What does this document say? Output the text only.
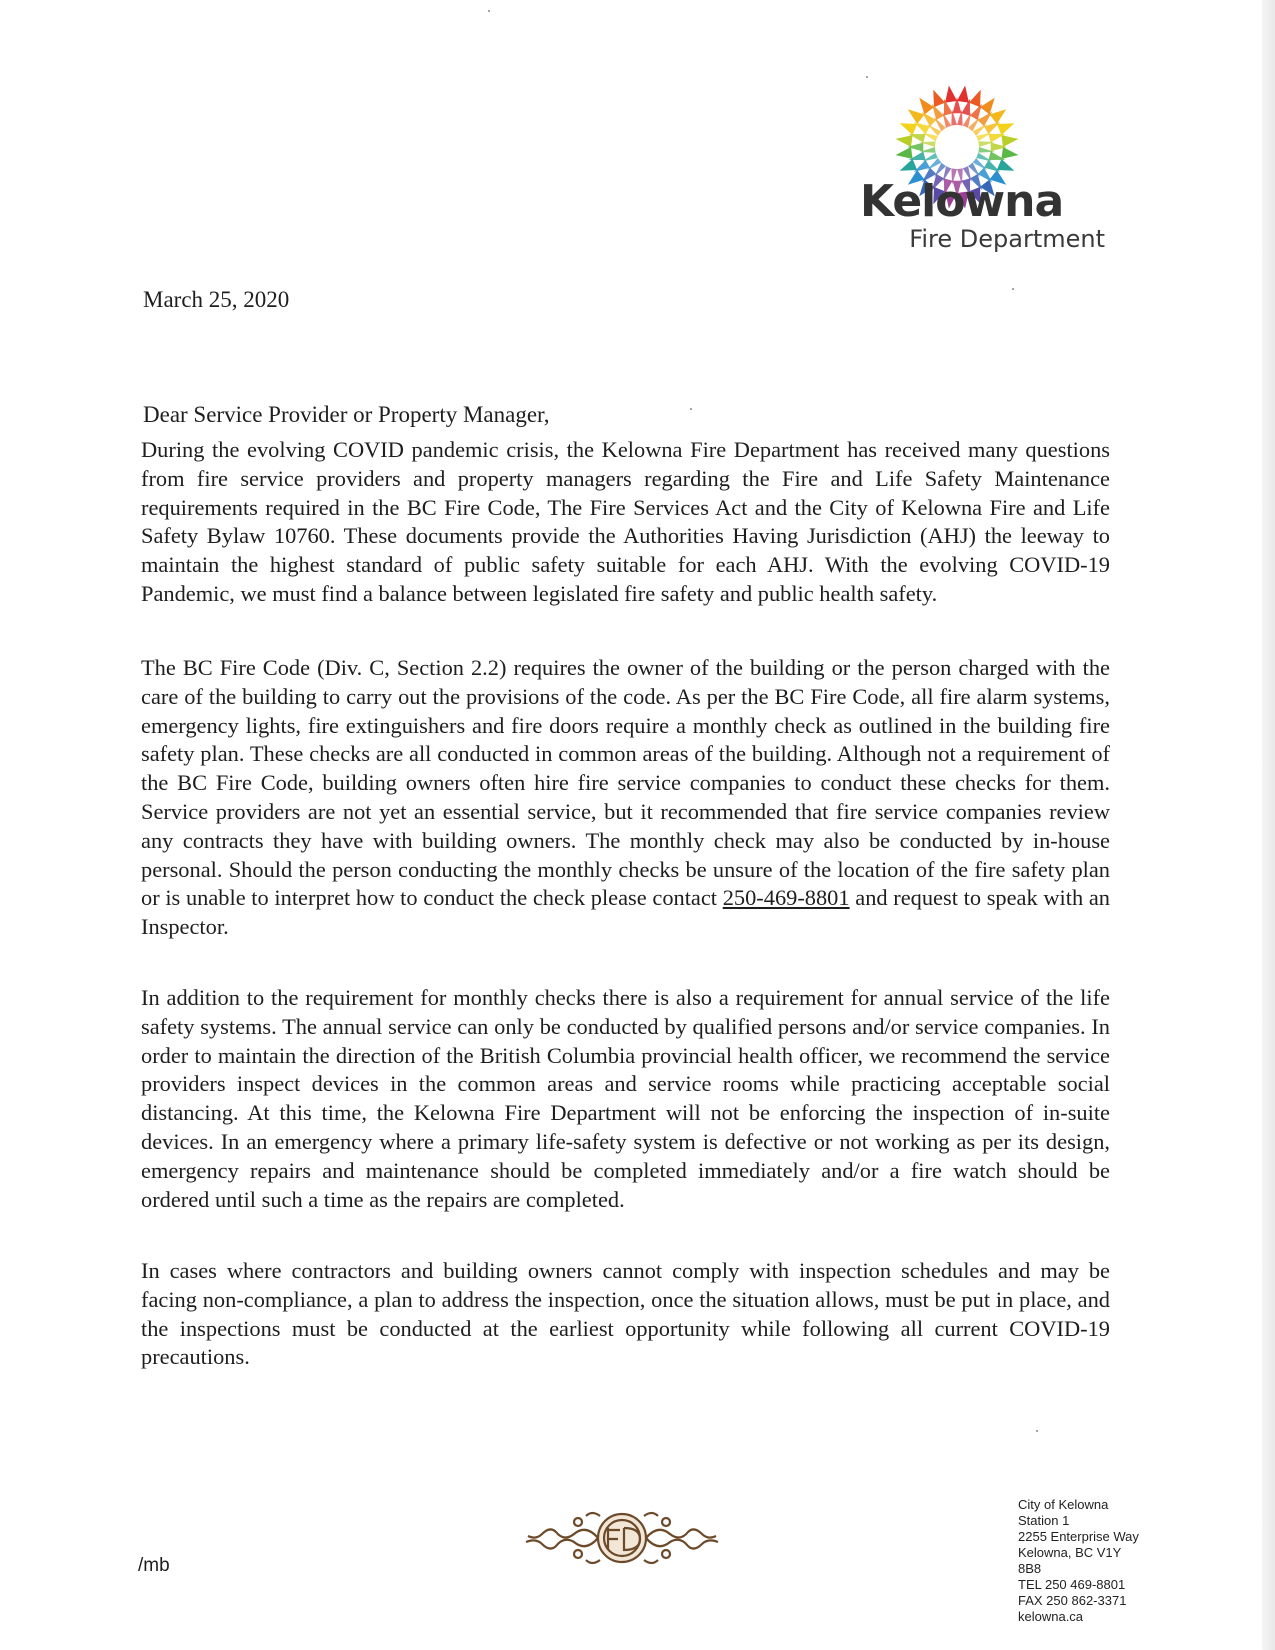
Kelowna
Fire Department
March 25, 2020
Dear Service Provider or Property Manager,

During the evolving COVID pandemic crisis, the Kelowna Fire Department has received many questions from fire service providers and property managers regarding the Fire and Life Safety Maintenance requirements required in the BC Fire Code, The Fire Services Act and the City of Kelowna Fire and Life Safety Bylaw 10760. These documents provide the Authorities Having Jurisdiction (AHJ) the leeway to maintain the highest standard of public safety suitable for each AHJ. With the evolving COVID-19 Pandemic, we must find a balance between legislated fire safety and public health safety.

The BC Fire Code (Div. C, Section 2.2) requires the owner of the building or the person charged with the care of the building to carry out the provisions of the code. As per the BC Fire Code, all fire alarm systems, emergency lights, fire extinguishers and fire doors require a monthly check as outlined in the building fire safety plan. These checks are all conducted in common areas of the building. Although not a requirement of the BC Fire Code, building owners often hire fire service companies to conduct these checks for them. Service providers are not yet an essential service, but it recommended that fire service companies review any contracts they have with building owners. The monthly check may also be conducted by in-house personal. Should the person conducting the monthly checks be unsure of the location of the fire safety plan or is unable to interpret how to conduct the check please contact 250-469-8801 and request to speak with an Inspector.

In addition to the requirement for monthly checks there is also a requirement for annual service of the life safety systems. The annual service can only be conducted by qualified persons and/or service companies. In order to maintain the direction of the British Columbia provincial health officer, we recommend the service providers inspect devices in the common areas and service rooms while practicing acceptable social distancing. At this time, the Kelowna Fire Department will not be enforcing the inspection of in-suite devices. In an emergency where a primary life-safety system is defective or not working as per its design, emergency repairs and maintenance should be completed immediately and/or a fire watch should be ordered until such a time as the repairs are completed.

In cases where contractors and building owners cannot comply with inspection schedules and may be facing non-compliance, a plan to address the inspection, once the situation allows, must be put in place, and the inspections must be conducted at the earliest opportunity while following all current COVID-19 precautions.

/mb
City of Kelowna
Station 1
2255 Enterprise Way
Kelowna, BC V1Y
8B8
TEL 250 469-8801
FAX 250 862-3371
kelowna.ca
